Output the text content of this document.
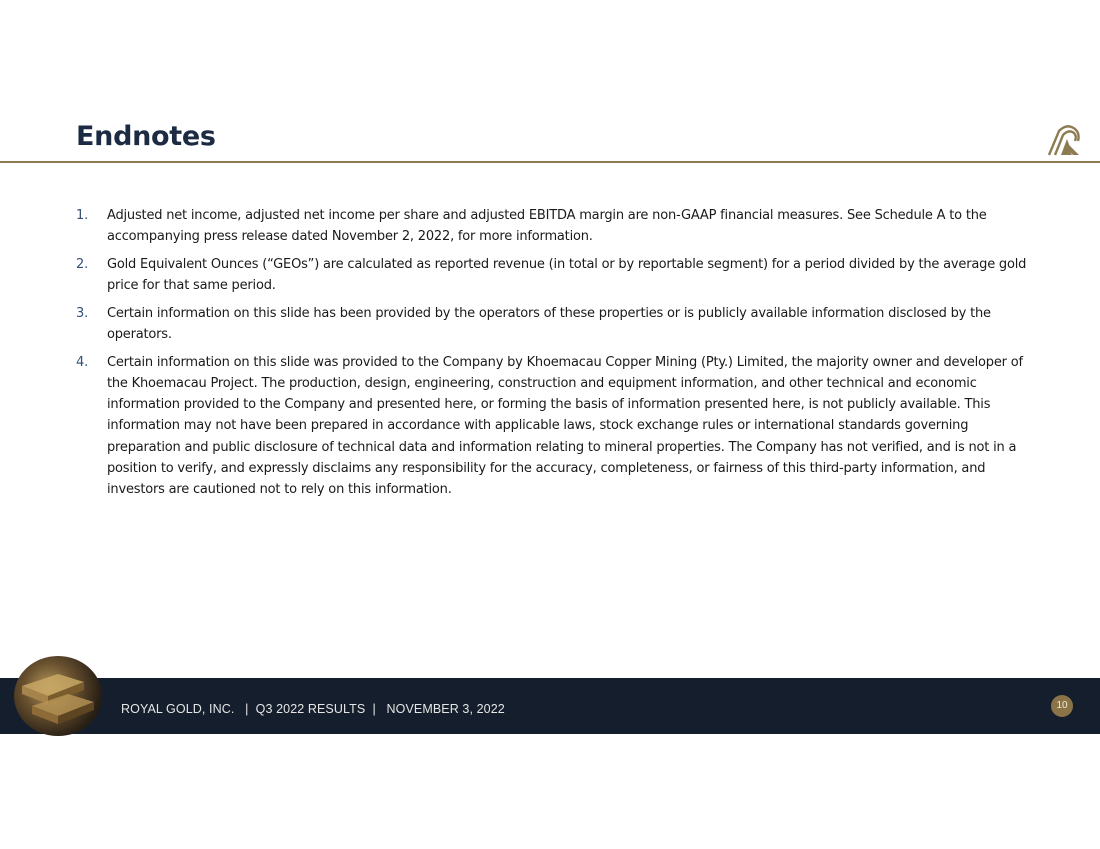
Endnotes
1.	Adjusted net income, adjusted net income per share and adjusted EBITDA margin are non-GAAP financial measures. See Schedule A to the accompanying press release dated November 2, 2022, for more information.
2.	Gold Equivalent Ounces (“GEOs”) are calculated as reported revenue (in total or by reportable segment) for a period divided by the average gold price for that same period.
3.	Certain information on this slide has been provided by the operators of these properties or is publicly available information disclosed by the operators.
4.	Certain information on this slide was provided to the Company by Khoemacau Copper Mining (Pty.) Limited, the majority owner and developer of the Khoemacau Project. The production, design, engineering, construction and equipment information, and other technical and economic information provided to the Company and presented here, or forming the basis of information presented here, is not publicly available. This information may not have been prepared in accordance with applicable laws, stock exchange rules or international standards governing preparation and public disclosure of technical data and information relating to mineral properties. The Company has not verified, and is not in a position to verify, and expressly disclaims any responsibility for the accuracy, completeness, or fairness of this third-party information, and investors are cautioned not to rely on this information.
ROYAL GOLD, INC.   |  Q3 2022 RESULTS  |   NOVEMBER 3, 2022	10
